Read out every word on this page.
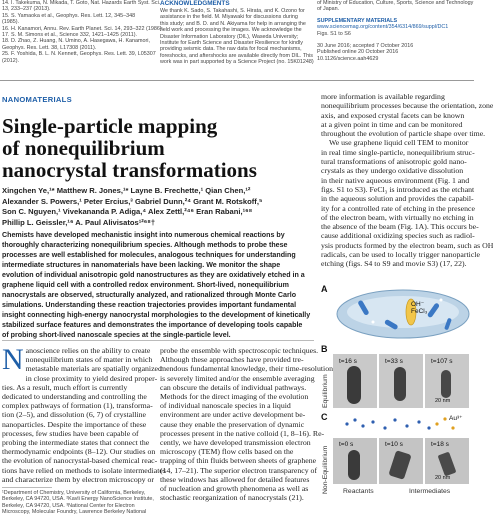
14. I. Takekuma, N. Mikada, T. Goto, Nat. Hazards Earth Syst. Sci.
13, 233–237 (2013).
15. S. Yamaoka et al., Geophys. Res. Lett. 12, 345–348
(1985).
16. H. Kanamori, Annu. Rev. Earth Planet. Sci. 14, 293–322 (1986).
17. S. M. Simons et al., Science 332, 1421–1425 (2011).
18. D. Zhao, Z. Huang, N. Umino, A. Hasegawa, H. Kanamori,
Geophys. Res. Lett. 38, L17308 (2011).
25. F. Yoshida, B. L. N. Kennett, Geophys. Res. Lett. 39, L05307
(2012).
ACKNOWLEDGMENTS
We thank K. Sado, S. Takahashi, S. Hirata, and K. Ozono for
assistance in the field. M. Miyawaki for discussions during
this study; and B. D. and N. Akiyama for help in arranging the
field work and processing the images. We acknowledge the
Disaster Information Laboratory (DIL), Waseda University;
Institute for Earth Science and Disaster Resilience for kindly
providing seismic data. The raw data for focal mechanisms,
foreshocks, and aftershocks are available directly from DIL. This
work was in part supported by a Science Project (no. 15K01248)
of Ministry of Education, Culture, Sports, Science and Technology
of Japan.
SUPPLEMENTARY MATERIALS
www.sciencemag.org/content/354/6314/869/suppl/DC1
Figs. S1 to S6
30 June 2016; accepted 7 October 2016
Published online 20 October 2016
10.1126/science.aah4629
NANOMATERIALS
Single-particle mapping
of nonequilibrium
nanocrystal transformations
Xingchen Ye,¹* Matthew R. Jones,¹* Layne B. Frechette,¹ Qian Chen,¹²
Alexander S. Powers,¹ Peter Ercius,³ Gabriel Dunn,²⁴ Grant M. Rotskoff,⁵
Son C. Nguyen,¹ Vivekananda P. Adiga,⁴ Alex Zettl,²⁴⁶ Eran Rabani,¹⁶⁸
Phillip L. Geissler,¹⁶ A. Paul Alivisatos¹²⁶⁸†
Chemists have developed mechanistic insight into numerous chemical reactions by
thoroughly characterizing nonequilibrium species. Although methods to probe these
processes are well established for molecules, analogous techniques for understanding
intermediate structures in nanomaterials have been lacking. We monitor the shape
evolution of individual anisotropic gold nanostructures as they are oxidatively etched in a
graphene liquid cell with a controlled redox environment. Short-lived, nonequilibrium
nanocrystals are observed, structurally analyzed, and rationalized through Monte Carlo
simulations. Understanding these reaction trajectories provides important fundamental
insight connecting high-energy nanocrystal morphologies to the development of kinetically
stabilized surface features and demonstrates the importance of developing tools capable
of probing short-lived nanoscale species at the single-particle level.
N anoscience relies on the ability to create
nonequilibrium states of matter in which
metastable materials are spatially organized
in close proximity to yield desired proper-
ties. As a result, much effort is currently
dedicated to understanding and controlling the
complex pathways of formation (1), transforma-
tion (2–5), and dissolution (6, 7) of crystalline
nanoparticles. Despite the importance of these
processes, few studies have been capable of
probing the intermediate states that connect the
thermodynamic endpoints (8–12). Our studies on
the evolution of nanocrystal-based chemical reac-
tions have relied on methods to isolate intermediates
and characterize them by electron microscopy or
¹Department of Chemistry, University of California, Berkeley,
Berkeley, CA 94720, USA. ²Kavli Energy NanoScience Institute,
Berkeley, CA 94720, USA. ³National Center for Electron
Microscopy, Molecular Foundry, Lawrence Berkeley National
probe the ensemble with spectroscopic techniques.
Although these approaches have provided tre-
mendous fundamental knowledge, their time-resolution
is severely limited and/or the ensemble averaging
can obscure the details of individual pathways.
Methods for the direct imaging of the evolution
of individual nanoscale species in a liquid
environment are under active development be-
cause they enable the preservation of dynamic
processes present in the native colloid (1, 8–16). Re-
cently, we have developed transmission electron
microscopy (TEM) flow cells based on the
trapping of thin fluids between sheets of graphene
(14, 17–21). The superior electron transparency of
these windows has allowed for detailed features
of nucleation and growth phenomena as well as
stochastic reorganization of nanocrystals (21).
more information is available regarding
nonequilibrium processes because the orientation, zone
axis, and exposed crystal facets can be known
at a given point in time and can be monitored
throughout the evolution of particle shape over time.
We use graphene liquid cell TEM to monitor
in real time single-particle, nonequilibrium struc-
tural transformations of anisotropic gold nano-
crystals as they undergo oxidative dissolution
in their native aqueous environment (Fig. 1 and
figs. S1 to S3). FeCl₃ is introduced as the etchant
in the aqueous solution and provides the capabil-
ity for a controlled rate of etching in the presence
of the electron beam, with virtually no etching in
the absence of the beam (Fig. 1A). This occurs be-
cause additional oxidizing species such as radiol-
ysis products formed by the electron beam, such as OH
radicals, can be used to locally trigger nanoparticle
etching (figs. S4 to S9 and movie S3) (17, 22).
A
OH⁻
FeCl₃
B
Equilibrium
t=16 s	t=33 s	t=107 s
20 nm
C	Au³⁺
Non-Equilibrium
t=0 s	t=10 s	t=18 s
20 nm
Reactants	Intermediates
